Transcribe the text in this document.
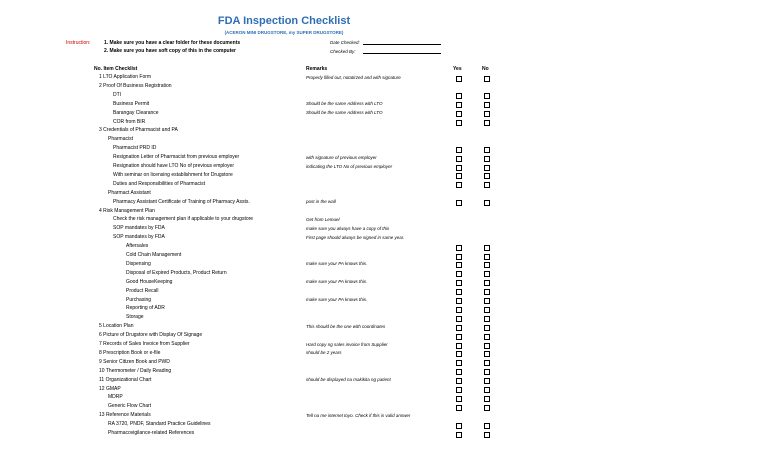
FDA Inspection Checklist
(ACERON MINI DRUGSTORE, my SUPER DRUGSTORE)
Instruction:	1. Make sure you have a clear folder for these documents
2. Make sure you have soft copy of this in the computer
Date Checked:
Checked By:
No. Item Checklist	Remarks	Yes	No
1 LTO Application Form	Properly filled out, notatirzed and with signature
2 Proof Of Business Registration
DTI
Business Permit	Should be the same Address with LTO
Barangay Clearance	Should be the same Address with LTO
COR from BIR
3 Credentials of Pharmacist and PA
Pharmacist
Pharmacist PRD ID
Resignation Letter of Pharmacist from previous employer	with signature of previous employer
Resignation should have LTO No of previous employer	indicating the LTO No of previous employer
With seminar on licensing establishment for Drugstore
Duties and Responsibilities of Pharmacist
Pharmact Assistant
Pharmacy Assistant Certificate of Training of Pharmacy Assts.	post in the wall
4 Risk Management Plan
Check the risk management plan if applicable to your drugstore	Get from Lemuel
SOP mandates by FDA	make sure you always have a copy of this
SOP mandates by FDA	First page should always be signed in same year.
Aftersales
Cold Chain Management
Dispensing	make sure your PA knows this.
Disposal of Expired Products, Product Return
Good HouseKeeping	make sure your PA knows this.
Product Recall
Purchasing	make sure your PA knows this.
Reporting of ADR
Storage
5 Location Plan	This should be the one with coordinates
6 Picture of Drugstore with Display Of Signage
7 Records of Sales Invoice from Supplier	Hard copy ng sales invoice from Supplier
8 Prescription Book or e-file	should be 2 years
9 Senior Citizen Book and PWD
10 Thermometer / Daily Reading
11 Organizational Chart	should be displayed na makikita ng patient
12 GMAP
MDRP
Generic Flow Chart
13 Reference Materials	Tell na me internet toyo. Check if this is valid answer
RA 3720, PNDF, Standard Practice Guidelines
Pharmacovigilance-related References
